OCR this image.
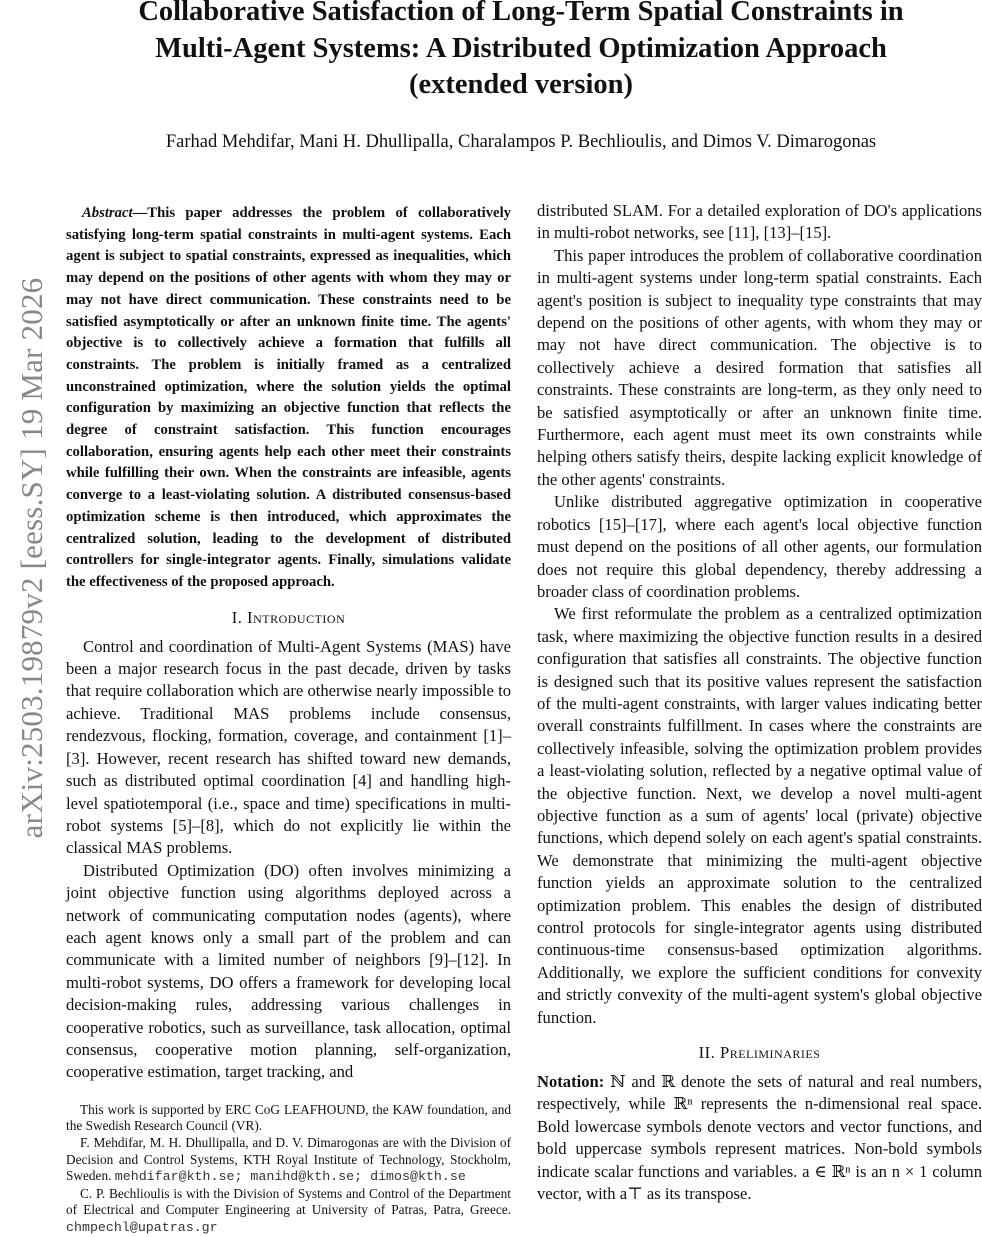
Collaborative Satisfaction of Long-Term Spatial Constraints in
Multi-Agent Systems: A Distributed Optimization Approach
(extended version)
Farhad Mehdifar, Mani H. Dhullipalla, Charalampos P. Bechlioulis, and Dimos V. Dimarogonas
arXiv:2503.19879v2 [eess.SY] 19 Mar 2026

Abstract—This paper addresses the problem of collaboratively satisfying long-term spatial constraints in multi-agent systems. Each agent is subject to spatial constraints, expressed as inequalities, which may depend on the positions of other agents with whom they may or may not have direct communication. These constraints need to be satisfied asymptotically or after an unknown finite time. The agents' objective is to collectively achieve a formation that fulfills all constraints. The problem is initially framed as a centralized unconstrained optimization, where the solution yields the optimal configuration by maximizing an objective function that reflects the degree of constraint satisfaction. This function encourages collaboration, ensuring agents help each other meet their constraints while fulfilling their own. When the constraints are infeasible, agents converge to a least-violating solution. A distributed consensus-based optimization scheme is then introduced, which approximates the centralized solution, leading to the development of distributed controllers for single-integrator agents. Finally, simulations validate the effectiveness of the proposed approach.

I. Introduction

Control and coordination of Multi-Agent Systems (MAS) have been a major research focus in the past decade, driven by tasks that require collaboration which are otherwise nearly impossible to achieve. Traditional MAS problems include consensus, rendezvous, flocking, formation, coverage, and containment [1]–[3]. However, recent research has shifted toward new demands, such as distributed optimal coordination [4] and handling high-level spatiotemporal (i.e., space and time) specifications in multi-robot systems [5]–[8], which do not explicitly lie within the classical MAS problems.

Distributed Optimization (DO) often involves minimizing a joint objective function using algorithms deployed across a network of communicating computation nodes (agents), where each agent knows only a small part of the problem and can communicate with a limited number of neighbors [9]–[12]. In multi-robot systems, DO offers a framework for developing local decision-making rules, addressing various challenges in cooperative robotics, such as surveillance, task allocation, optimal consensus, cooperative motion planning, self-organization, cooperative estimation, target tracking, and

This work is supported by ERC CoG LEAFHOUND, the KAW foundation, and the Swedish Research Council (VR).

F. Mehdifar, M. H. Dhullipalla, and D. V. Dimarogonas are with the Division of Decision and Control Systems, KTH Royal Institute of Technology, Stockholm, Sweden. mehdifar@kth.se; manihd@kth.se; dimos@kth.se

C. P. Bechlioulis is with the Division of Systems and Control of the Department of Electrical and Computer Engineering at University of Patras, Patra, Greece. chmpechl@upatras.gr

distributed SLAM. For a detailed exploration of DO's applications in multi-robot networks, see [11], [13]–[15].

This paper introduces the problem of collaborative coordination in multi-agent systems under long-term spatial constraints. Each agent's position is subject to inequality type constraints that may depend on the positions of other agents, with whom they may or may not have direct communication. The objective is to collectively achieve a desired formation that satisfies all constraints. These constraints are long-term, as they only need to be satisfied asymptotically or after an unknown finite time. Furthermore, each agent must meet its own constraints while helping others satisfy theirs, despite lacking explicit knowledge of the other agents' constraints.

Unlike distributed aggregative optimization in cooperative robotics [15]–[17], where each agent's local objective function must depend on the positions of all other agents, our formulation does not require this global dependency, thereby addressing a broader class of coordination problems.

We first reformulate the problem as a centralized optimization task, where maximizing the objective function results in a desired configuration that satisfies all constraints. The objective function is designed such that its positive values represent the satisfaction of the multi-agent constraints, with larger values indicating better overall constraints fulfillment. In cases where the constraints are collectively infeasible, solving the optimization problem provides a least-violating solution, reflected by a negative optimal value of the objective function. Next, we develop a novel multi-agent objective function as a sum of agents' local (private) objective functions, which depend solely on each agent's spatial constraints. We demonstrate that minimizing the multi-agent objective function yields an approximate solution to the centralized optimization problem. This enables the design of distributed control protocols for single-integrator agents using distributed continuous-time consensus-based optimization algorithms. Additionally, we explore the sufficient conditions for convexity and strictly convexity of the multi-agent system's global objective function.

II. Preliminaries

Notation: ℕ and ℝ denote the sets of natural and real numbers, respectively, while ℝⁿ represents the n-dimensional real space. Bold lowercase symbols denote vectors and vector functions, and bold uppercase symbols represent matrices. Non-bold symbols indicate scalar functions and variables. a ∈ ℝⁿ is an n × 1 column vector, with a⊤ as its transpose.
